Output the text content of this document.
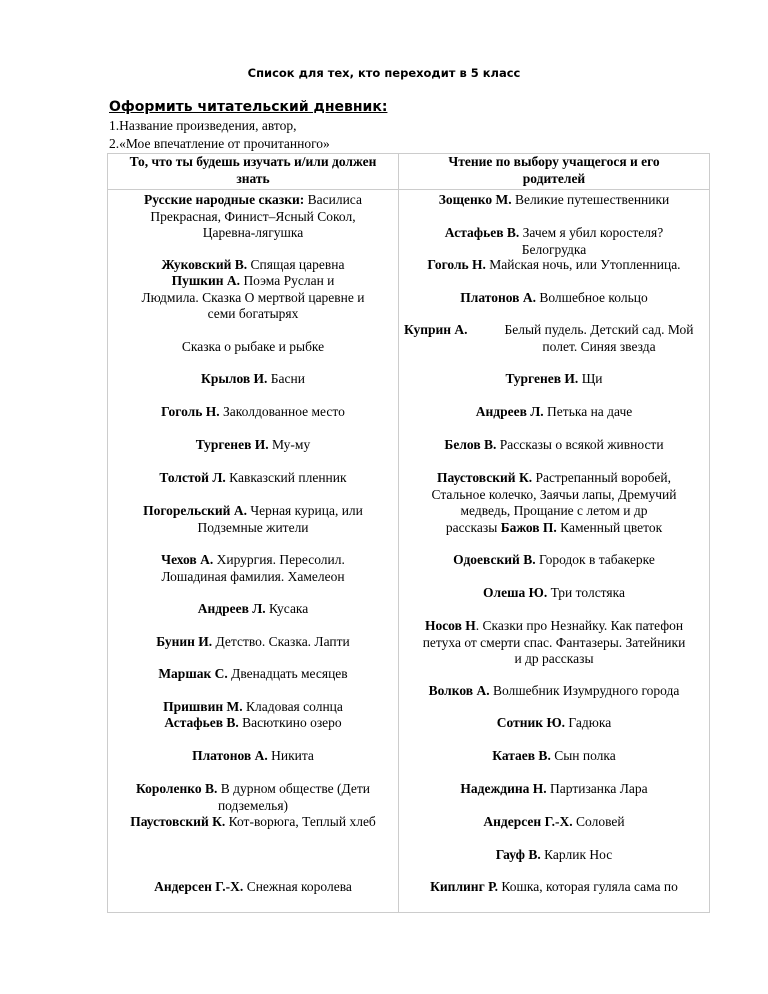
Список для тех, кто переходит в 5 класс
Оформить читательский дневник:
1.Название произведения, автор,
2.«Мое впечатление от прочитанного»
То, что ты будешь изучать и/или должен
знать
Чтение по выбору учащегося и его
родителей
Русские народные сказки: Василиса
Прекрасная, Финист–Ясный Сокол,
Царевна-лягушка
Жуковский В. Спящая царевна
Пушкин А. Поэма Руслан и
Людмила. Сказка О мертвой царевне и
семи богатырях
Сказка о рыбаке и рыбке
Крылов И. Басни
Гоголь Н. Заколдованное место
Тургенев И. Му-му
Толстой Л. Кавказский пленник
Погорельский А. Черная курица, или
Подземные жители
Чехов А. Хирургия. Пересолил.
Лошадиная фамилия. Хамелеон
Андреев Л. Кусака
Бунин И. Детство. Сказка. Лапти
Маршак С. Двенадцать месяцев
Пришвин М. Кладовая солнца
Астафьев В. Васюткино озеро
Платонов А. Никита
Короленко В. В дурном обществе (Дети
подземелья)
Паустовский К. Кот-ворюга, Теплый хлеб
Андерсен Г.-Х. Снежная королева
Зощенко М. Великие путешественники
Астафьев В. Зачем я убил коростеля?
Белогрудка
Гоголь Н. Майская ночь, или Утопленница.
Платонов А. Волшебное кольцо
Куприн А.	Белый пудель. Детский сад. Мой
полет. Синяя звезда
Тургенев И. Щи
Андреев Л. Петька на даче
Белов В. Рассказы о всякой живности
Паустовский К. Растрепанный воробей,
Стальное колечко, Заячьи лапы, Дремучий
медведь, Прощание с летом и др
рассказы Бажов П. Каменный цветок
Одоевский В. Городок в табакерке
Олеша Ю. Три толстяка
Носов Н. Сказки про Незнайку. Как патефон
петуха от смерти спас. Фантазеры. Затейники
и др рассказы
Волков А. Волшебник Изумрудного города
Сотник Ю. Гадюка
Катаев В. Сын полка
Надеждина Н. Партизанка Лара
Андерсен Г.-Х. Соловей
Гауф В. Карлик Нос
Киплинг Р. Кошка, которая гуляла сама по
